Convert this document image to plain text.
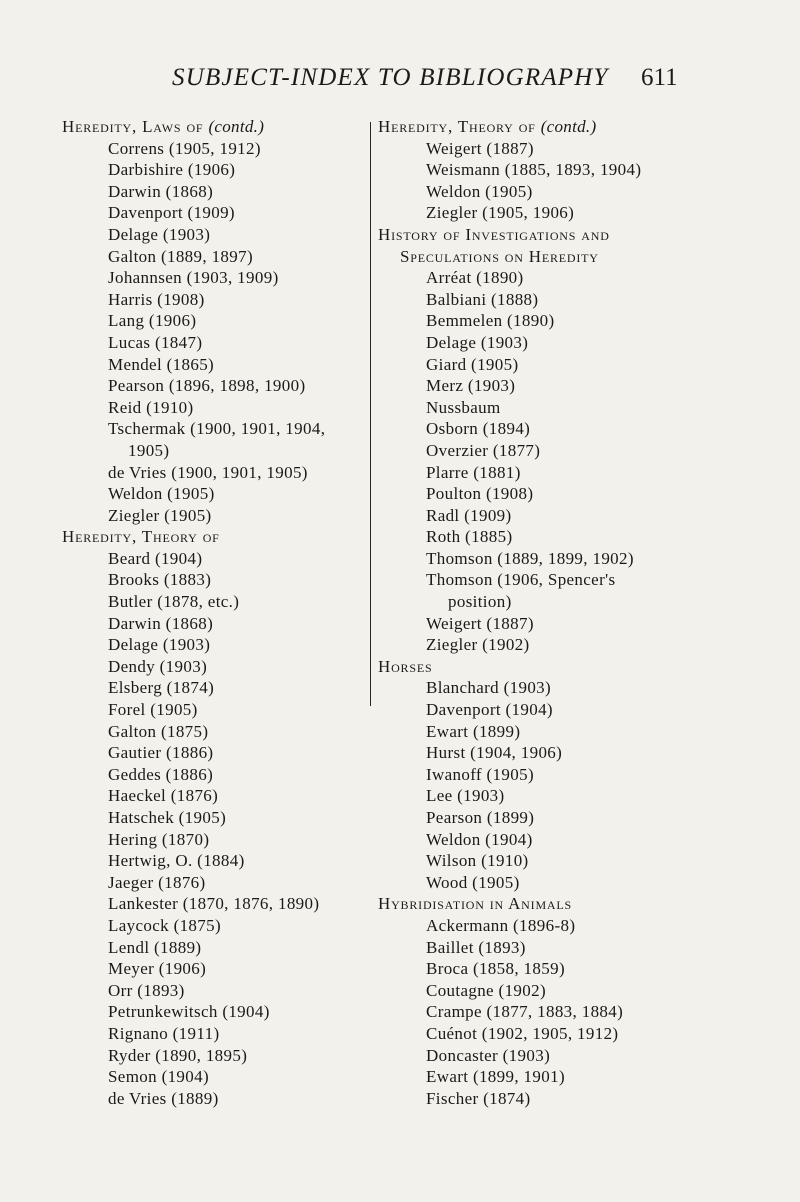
SUBJECT-INDEX TO BIBLIOGRAPHY 611
Heredity, Laws of (contd.)
Correns (1905, 1912)
Darbishire (1906)
Darwin (1868)
Davenport (1909)
Delage (1903)
Galton (1889, 1897)
Johannsen (1903, 1909)
Harris (1908)
Lang (1906)
Lucas (1847)
Mendel (1865)
Pearson (1896, 1898, 1900)
Reid (1910)
Tschermak (1900, 1901, 1904,
1905)
de Vries (1900, 1901, 1905)
Weldon (1905)
Ziegler (1905)
Heredity, Theory of
Beard (1904)
Brooks (1883)
Butler (1878, etc.)
Darwin (1868)
Delage (1903)
Dendy (1903)
Elsberg (1874)
Forel (1905)
Galton (1875)
Gautier (1886)
Geddes (1886)
Haeckel (1876)
Hatschek (1905)
Hering (1870)
Hertwig, O. (1884)
Jaeger (1876)
Lankester (1870, 1876, 1890)
Laycock (1875)
Lendl (1889)
Meyer (1906)
Orr (1893)
Petrunkewitsch (1904)
Rignano (1911)
Ryder (1890, 1895)
Semon (1904)
de Vries (1889)
Heredity, Theory of (contd.)
Weigert (1887)
Weismann (1885, 1893, 1904)
Weldon (1905)
Ziegler (1905, 1906)
History of Investigations and
Speculations on Heredity
Arréat (1890)
Balbiani (1888)
Bemmelen (1890)
Delage (1903)
Giard (1905)
Merz (1903)
Nussbaum
Osborn (1894)
Overzier (1877)
Plarre (1881)
Poulton (1908)
Radl (1909)
Roth (1885)
Thomson (1889, 1899, 1902)
Thomson (1906, Spencer's
position)
Weigert (1887)
Ziegler (1902)
Horses
Blanchard (1903)
Davenport (1904)
Ewart (1899)
Hurst (1904, 1906)
Iwanoff (1905)
Lee (1903)
Pearson (1899)
Weldon (1904)
Wilson (1910)
Wood (1905)
Hybridisation in Animals
Ackermann (1896-8)
Baillet (1893)
Broca (1858, 1859)
Coutagne (1902)
Crampe (1877, 1883, 1884)
Cuénot (1902, 1905, 1912)
Doncaster (1903)
Ewart (1899, 1901)
Fischer (1874)
